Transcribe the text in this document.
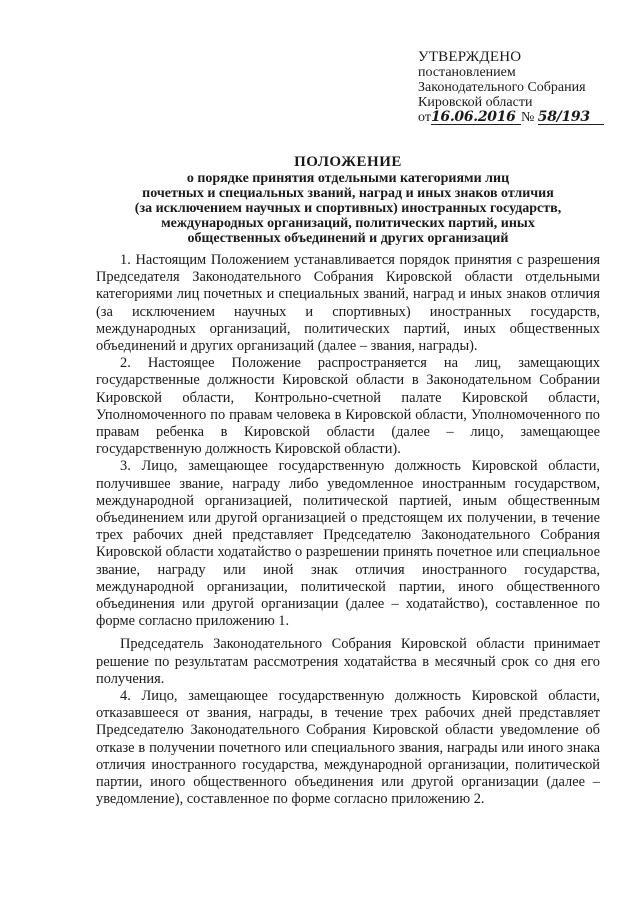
УТВЕРЖДЕНО
постановлением
Законодательного Собрания
Кировской области
от16.06.2016 № 58/193
ПОЛОЖЕНИЕ

о порядке принятия отдельными категориями лиц

почетных и специальных званий, наград и иных знаков отличия

(за исключением научных и спортивных) иностранных государств,

международных организаций, политических партий, иных

общественных объединений и других организаций

1. Настоящим Положением устанавливается порядок принятия с разрешения Председателя Законодательного Собрания Кировской области отдельными категориями лиц почетных и специальных званий, наград и иных знаков отличия (за исключением научных и спортивных) иностранных государств, международных организаций, политических партий, иных общественных объединений и других организаций (далее – звания, награды).

2. Настоящее Положение распространяется на лиц, замещающих государственные должности Кировской области в Законодательном Собрании Кировской области, Контрольно-счетной палате Кировской области, Уполномоченного по правам человека в Кировской области, Уполномоченного по правам ребенка в Кировской области (далее – лицо, замещающее государственную должность Кировской области).

3. Лицо, замещающее государственную должность Кировской области, получившее звание, награду либо уведомленное иностранным государством, международной организацией, политической партией, иным общественным объединением или другой организацией о предстоящем их получении, в течение трех рабочих дней представляет Председателю Законодательного Собрания Кировской области ходатайство о разрешении принять почетное или специальное звание, награду или иной знак отличия иностранного государства, международной организации, политической партии, иного общественного объединения или другой организации (далее – ходатайство), составленное по форме согласно приложению 1.

Председатель Законодательного Собрания Кировской области принимает решение по результатам рассмотрения ходатайства в месячный срок со дня его получения.

4. Лицо, замещающее государственную должность Кировской области, отказавшееся от звания, награды, в течение трех рабочих дней представляет Председателю Законодательного Собрания Кировской области уведомление об отказе в получении почетного или специального звания, награды или иного знака отличия иностранного государства, международной организации, политической партии, иного общественного объединения или другой организации (далее – уведомление), составленное по форме согласно приложению 2.
